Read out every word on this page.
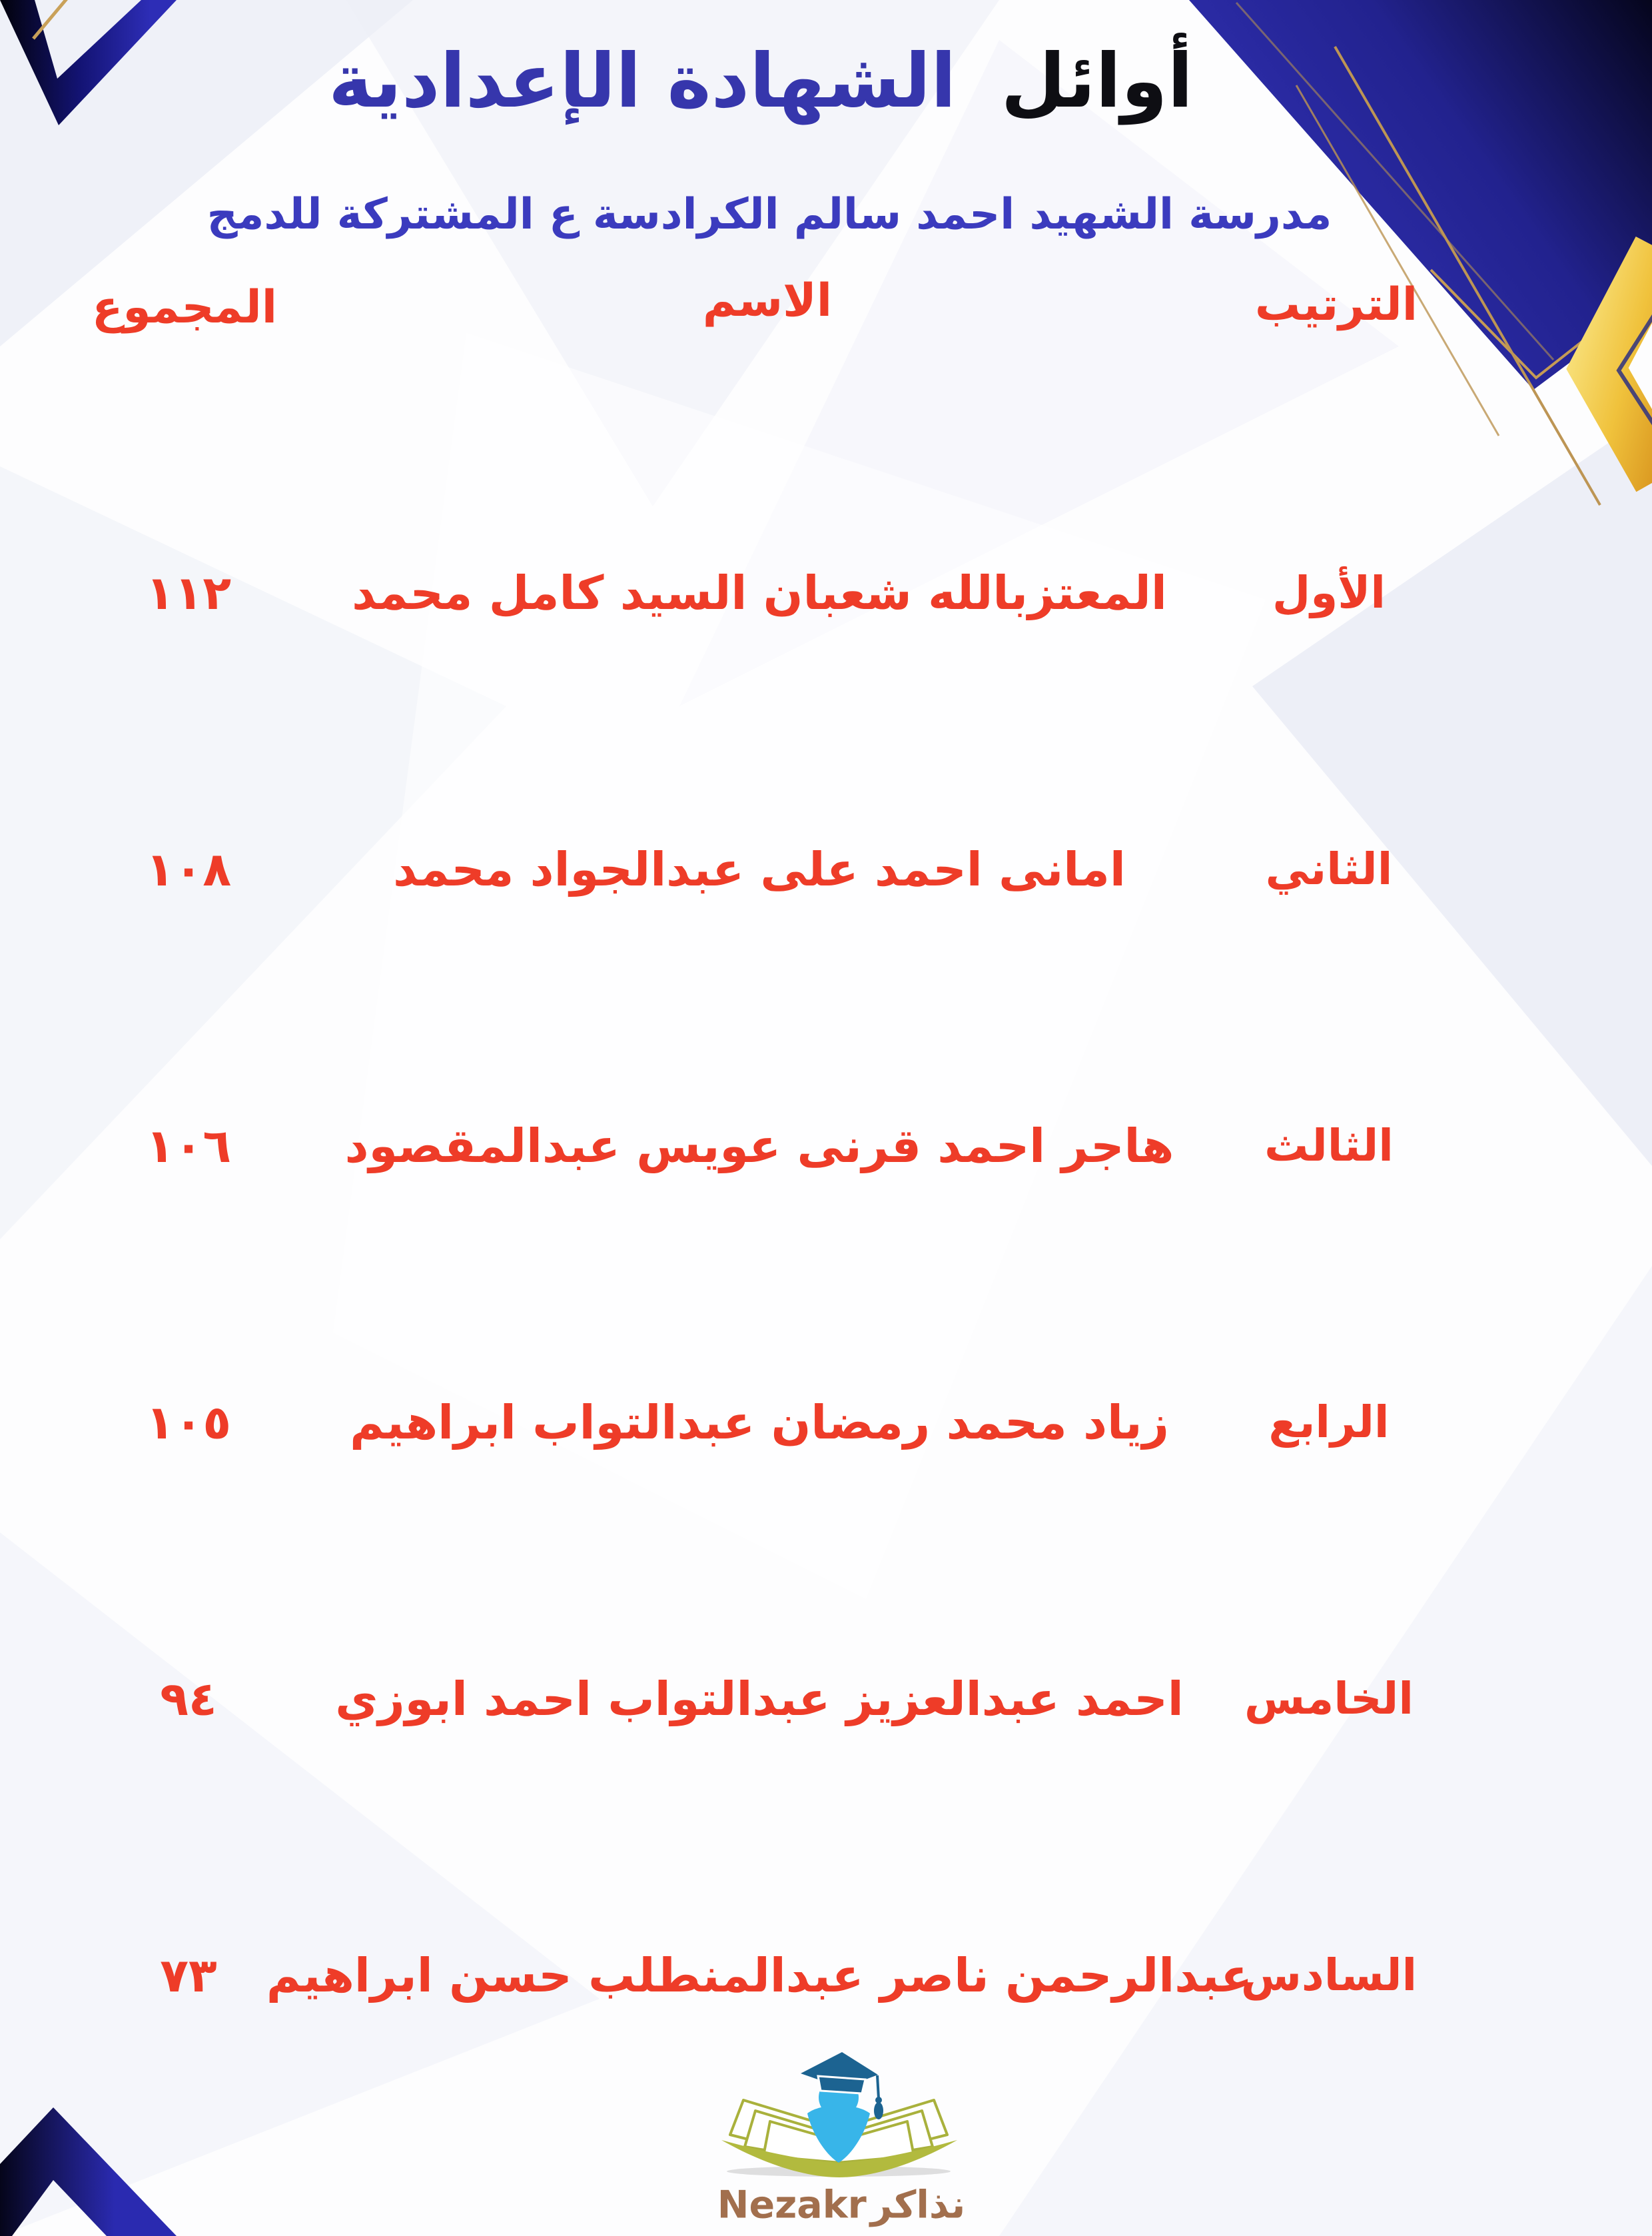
أوائل الشهادة الإعدادية
مدرسة الشهيد احمد سالم الكرادسة ع المشتركة للدمج
الترتيب
الاسم
المجموع
الأول
المعتزبالله شعبان السيد كامل محمد
١١٢
الثاني
امانى احمد على عبدالجواد محمد
١٠٨
الثالث
هاجر احمد قرنى عويس عبدالمقصود
١٠٦
الرابع
زياد محمد رمضان عبدالتواب ابراهيم
١٠٥
الخامس
احمد عبدالعزيز عبدالتواب احمد ابوزي
٩٤
السادس
عبدالرحمن ناصر عبدالمنطلب حسن ابراهيم
٧٣
نذاكرNezakr
